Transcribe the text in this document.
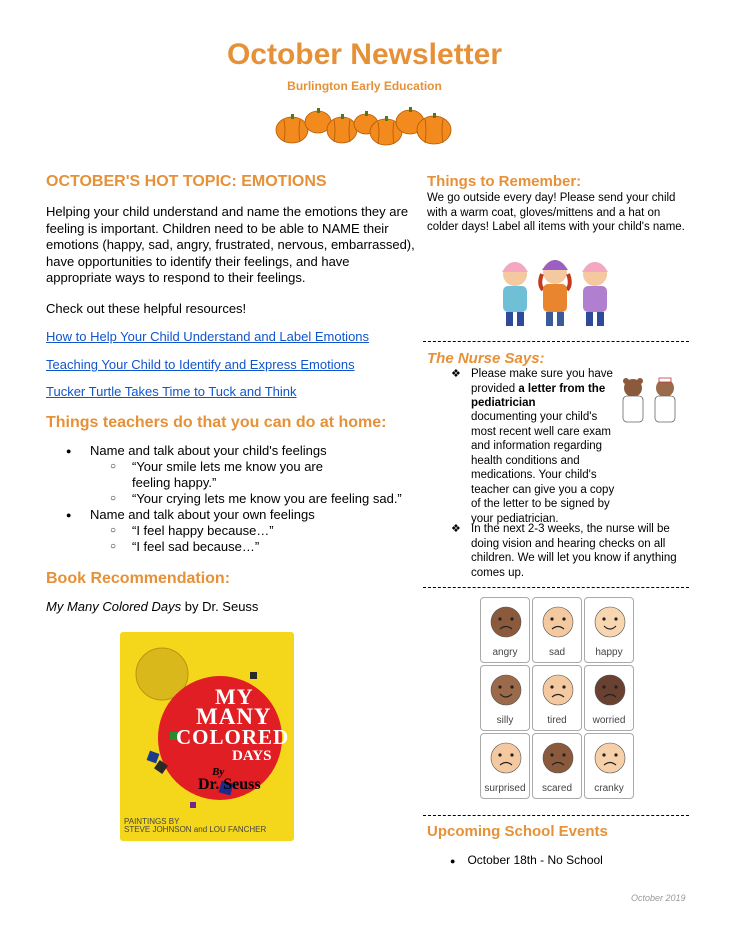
October Newsletter
Burlington Early Education
OCTOBER'S HOT TOPIC: EMOTIONS
Helping your child understand and name the emotions they are feeling is important. Children need to be able to NAME their emotions (happy, sad, angry, frustrated, nervous, embarrassed), have opportunities to identify their feelings, and have appropriate ways to respond to their feelings.
Check out these helpful resources!
How to Help Your Child Understand and Label Emotions
Teaching Your Child to Identify and Express Emotions
Tucker Turtle Takes Time to Tuck and Think
Things teachers do that you can do at home:
● Name and talk about your child's feelings
○ “Your smile lets me know you are feeling happy.”
○ “Your crying lets me know you are feeling sad.”
● Name and talk about your own feelings
○ “I feel happy because…”
○ “I feel sad because…”
Book Recommendation:
My Many Colored Days by Dr. Seuss
MY
MANY
COLORED
DAYS
By
Dr. Seuss
PAINTINGS BY
STEVE JOHNSON and LOU FANCHER
Things to Remember:
We go outside every day! Please send your child with a warm coat, gloves/mittens and a hat on colder days! Label all items with your child's name.
The Nurse Says:
❖ Please make sure you have provided a letter from the pediatrician
documenting your child's most recent well care exam and information regarding health conditions and medications. Your child's teacher can give you a copy of the letter to be signed by your pediatrician.
❖ In the next 2-3 weeks, the nurse will be doing vision and hearing checks on all children. We will let you know if anything comes up.
angry	sad	happy
silly	tired	worried
surprised	scared	cranky
Upcoming School Events
● October 18th - No School
October 2019
